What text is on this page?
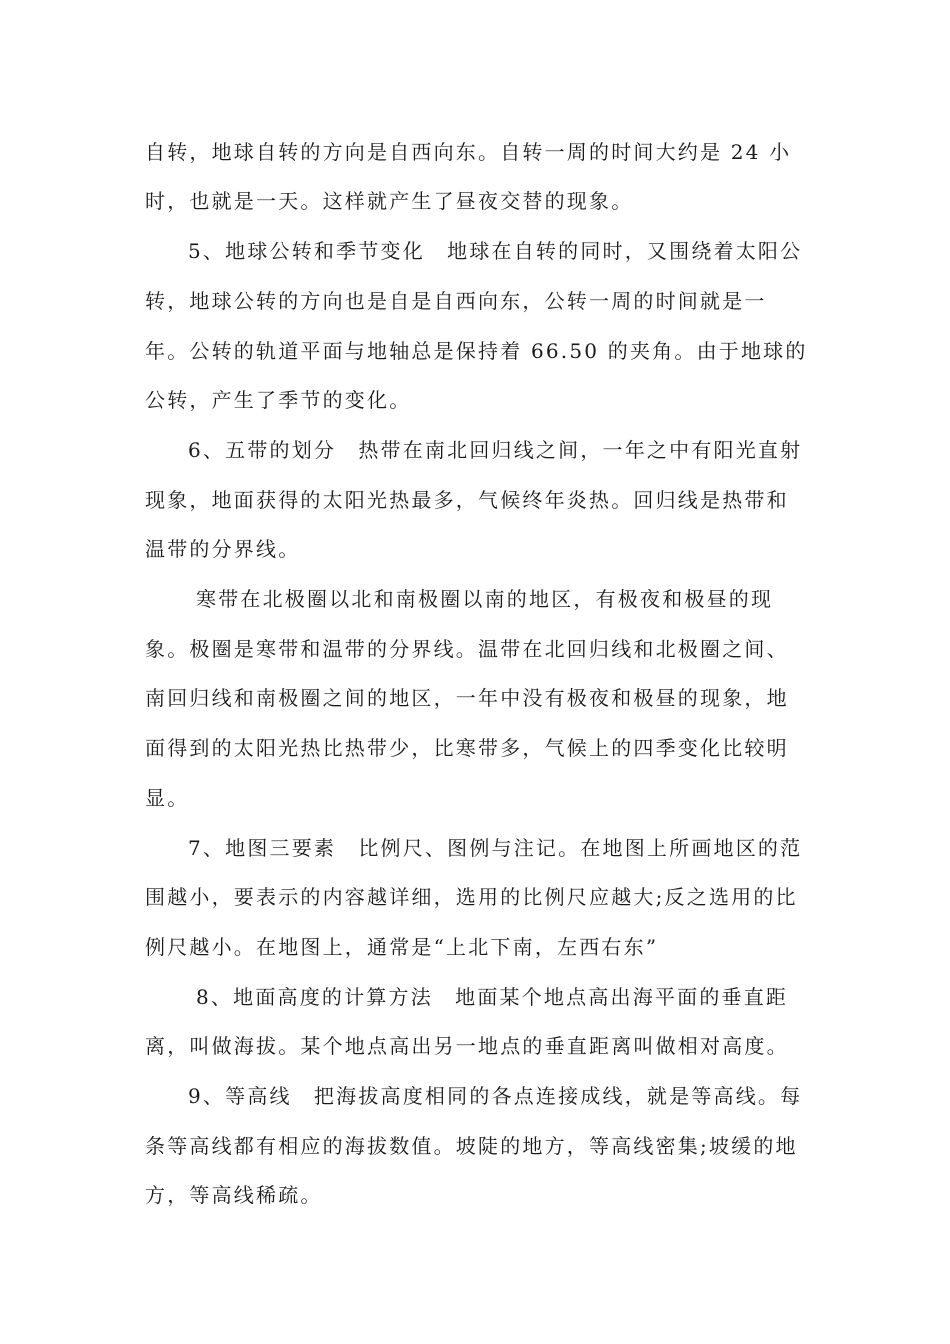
自转，地球自转的方向是自西向东。自转一周的时间大约是 24 小
时，也就是一天。这样就产生了昼夜交替的现象。
5、地球公转和季节变化　地球在自转的同时，又围绕着太阳公
转，地球公转的方向也是自是自西向东，公转一周的时间就是一
年。公转的轨道平面与地轴总是保持着 66.50 的夹角。由于地球的
公转，产生了季节的变化。
6、五带的划分　热带在南北回归线之间，一年之中有阳光直射
现象，地面获得的太阳光热最多，气候终年炎热。回归线是热带和
温带的分界线。
寒带在北极圈以北和南极圈以南的地区，有极夜和极昼的现
象。极圈是寒带和温带的分界线。温带在北回归线和北极圈之间、
南回归线和南极圈之间的地区，一年中没有极夜和极昼的现象，地
面得到的太阳光热比热带少，比寒带多，气候上的四季变化比较明
显。
7、地图三要素　比例尺、图例与注记。在地图上所画地区的范
围越小，要表示的内容越详细，选用的比例尺应越大;反之选用的比
例尺越小。在地图上，通常是“上北下南，左西右东”
8、地面高度的计算方法　地面某个地点高出海平面的垂直距
离，叫做海拔。某个地点高出另一地点的垂直距离叫做相对高度。
9、等高线　把海拔高度相同的各点连接成线，就是等高线。每
条等高线都有相应的海拔数值。坡陡的地方，等高线密集;坡缓的地
方，等高线稀疏。
